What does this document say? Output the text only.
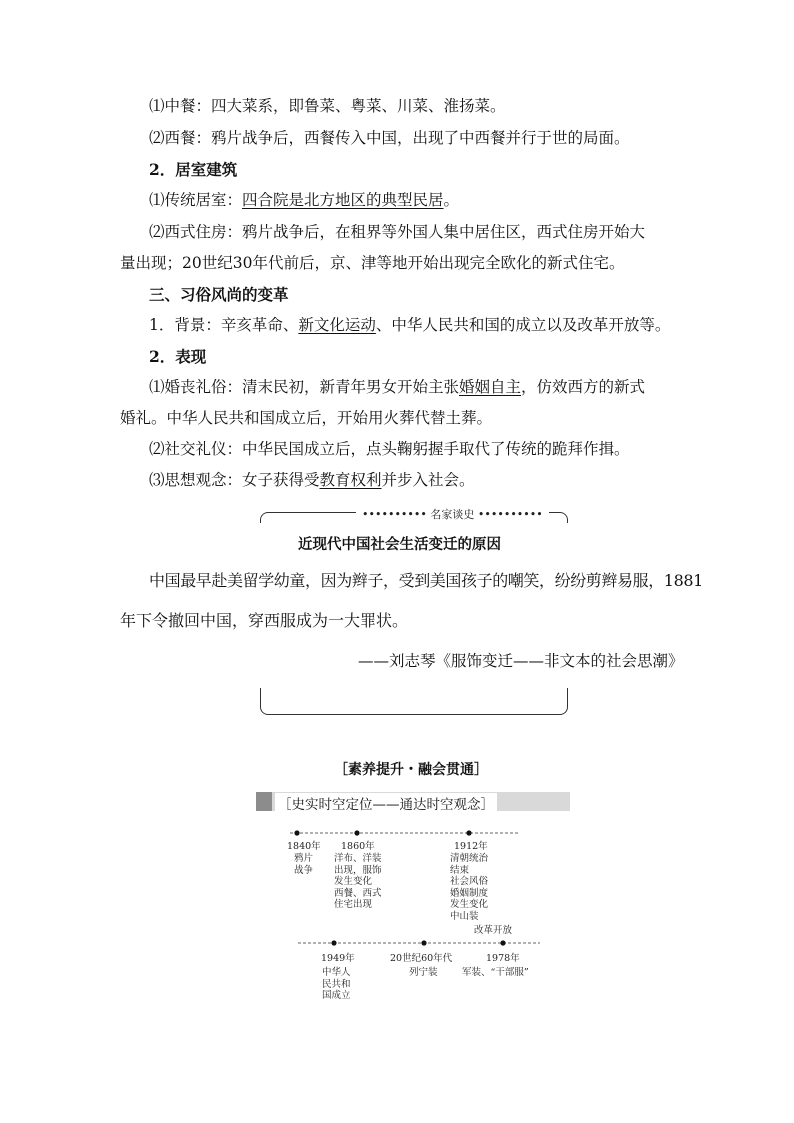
⑴中餐：四大菜系，即鲁菜、粤菜、川菜、淮扬菜。
⑵西餐：鸦片战争后，西餐传入中国，出现了中西餐并行于世的局面。
2．居室建筑
⑴传统居室：四合院是北方地区的典型民居。
⑵西式住房：鸦片战争后，在租界等外国人集中居住区，西式住房开始大
量出现；20世纪30年代前后，京、津等地开始出现完全欧化的新式住宅。
三、习俗风尚的变革
1．背景：辛亥革命、新文化运动、中华人民共和国的成立以及改革开放等。
2．表现
⑴婚丧礼俗：清末民初，新青年男女开始主张婚姻自主，仿效西方的新式
婚礼。中华人民共和国成立后，开始用火葬代替土葬。
⑵社交礼仪：中华民国成立后，点头鞠躬握手取代了传统的跪拜作揖。
⑶思想观念：女子获得受教育权利并步入社会。
•••••••••• 名家谈史 ••••••••••
近现代中国社会生活变迁的原因
中国最早赴美留学幼童，因为辫子，受到美国孩子的嘲笑，纷纷剪辫易服，1881
年下令撤回中国，穿西服成为一大罪状。
——刘志琴《服饰变迁——非文本的社会思潮》
［素养提升・融会贯通］
［史实时空定位——通达时空观念］
1840年
鸦片
战争
1860年
洋布、洋装
出现，服饰
发生变化
西餐、西式
住宅出现
1912年
清朝统治
结束
社会风俗
婚姻制度
发生变化
中山装
改革开放
1949年
中华人
民共和
国成立
20世纪60年代
列宁装
1978年
军装、“干部服”
